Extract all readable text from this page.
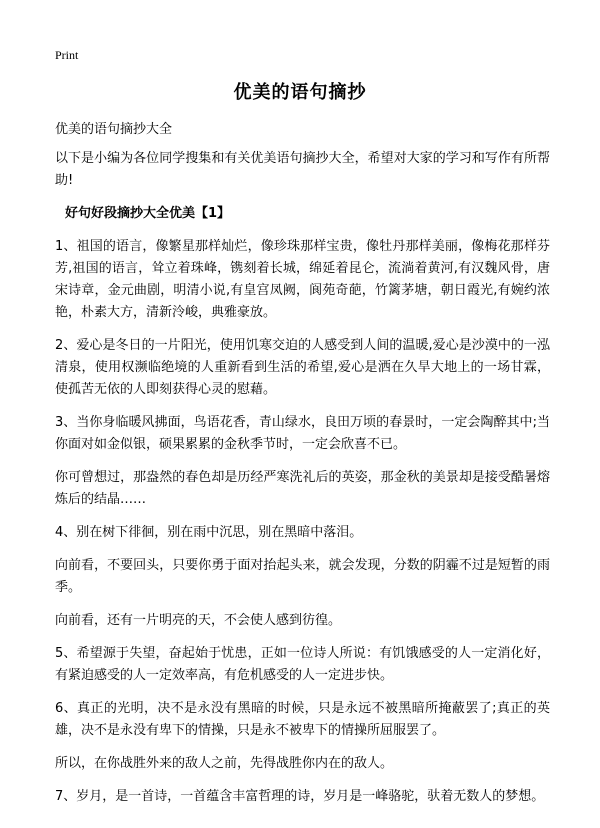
Print
优美的语句摘抄

优美的语句摘抄大全

以下是小编为各位同学搜集和有关优美语句摘抄大全，希望对大家的学习和写作有所帮助!

好句好段摘抄大全优美【1】

1、祖国的语言，像繁星那样灿烂，像珍珠那样宝贵，像牡丹那样美丽，像梅花那样芬芳,祖国的语言，耸立着珠峰，镌刻着长城，绵延着昆仑，流淌着黄河,有汉魏风骨，唐宋诗章，金元曲剧，明清小说,有皇宫凤阙，阆苑奇葩，竹篱茅塘，朝日霞光,有婉约浓艳，朴素大方，清新泠峻，典雅豪放。

2、爱心是冬日的一片阳光，使用饥寒交迫的人感受到人间的温暖,爱心是沙漠中的一泓清泉，使用权濒临绝境的人重新看到生活的希望,爱心是洒在久旱大地上的一场甘霖，使孤苦无依的人即刻获得心灵的慰藉。

3、当你身临暖风拂面，鸟语花香，青山绿水，良田万顷的春景时，一定会陶醉其中;当你面对如金似银，硕果累累的金秋季节时，一定会欣喜不已。

你可曾想过，那盎然的春色却是历经严寒洗礼后的英姿，那金秋的美景却是接受酷暑熔炼后的结晶……

4、别在树下徘徊，别在雨中沉思，别在黑暗中落泪。

向前看，不要回头，只要你勇于面对抬起头来，就会发现，分数的阴霾不过是短暂的雨季。

向前看，还有一片明亮的天，不会使人感到彷徨。

5、希望源于失望，奋起始于忧患，正如一位诗人所说：有饥饿感受的人一定消化好，有紧迫感受的人一定效率高，有危机感受的人一定进步快。

6、真正的光明，决不是永没有黑暗的时候，只是永远不被黑暗所掩蔽罢了;真正的英雄，决不是永没有卑下的情操，只是永不被卑下的情操所屈服罢了。

所以，在你战胜外来的敌人之前，先得战胜你内在的敌人。

7、岁月，是一首诗，一首蕴含丰富哲理的诗，岁月是一峰骆驼，驮着无数人的梦想。
